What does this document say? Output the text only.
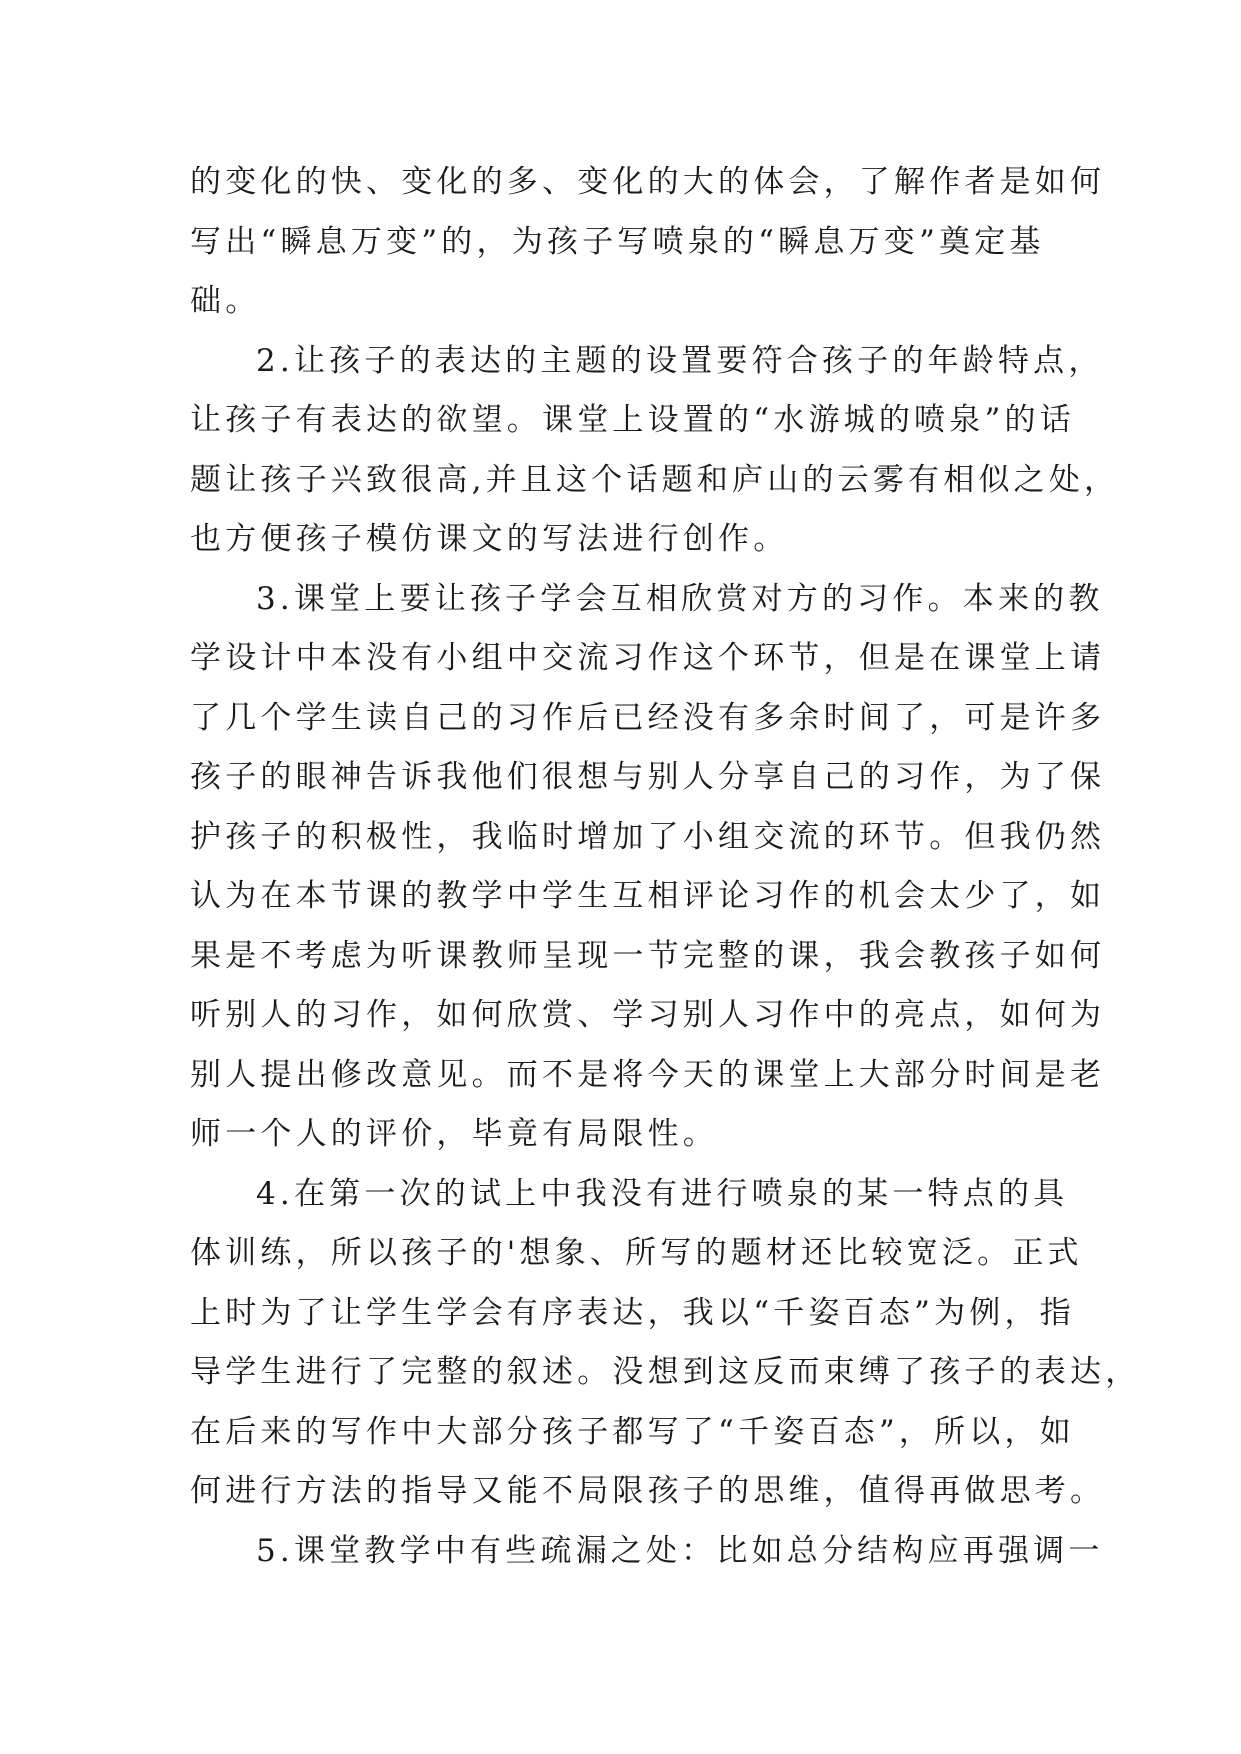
的变化的快、变化的多、变化的大的体会，了解作者是如何
写出“瞬息万变”的，为孩子写喷泉的“瞬息万变”奠定基
础。
2.让孩子的表达的主题的设置要符合孩子的年龄特点，
让孩子有表达的欲望。课堂上设置的“水游城的喷泉”的话
题让孩子兴致很高,并且这个话题和庐山的云雾有相似之处，
也方便孩子模仿课文的写法进行创作。
3.课堂上要让孩子学会互相欣赏对方的习作。本来的教
学设计中本没有小组中交流习作这个环节，但是在课堂上请
了几个学生读自己的习作后已经没有多余时间了，可是许多
孩子的眼神告诉我他们很想与别人分享自己的习作，为了保
护孩子的积极性，我临时增加了小组交流的环节。但我仍然
认为在本节课的教学中学生互相评论习作的机会太少了，如
果是不考虑为听课教师呈现一节完整的课，我会教孩子如何
听别人的习作，如何欣赏、学习别人习作中的亮点，如何为
别人提出修改意见。而不是将今天的课堂上大部分时间是老
师一个人的评价，毕竟有局限性。
4.在第一次的试上中我没有进行喷泉的某一特点的具
体训练，所以孩子的'想象、所写的题材还比较宽泛。正式
上时为了让学生学会有序表达，我以“千姿百态”为例，指
导学生进行了完整的叙述。没想到这反而束缚了孩子的表达，
在后来的写作中大部分孩子都写了“千姿百态”，所以，如
何进行方法的指导又能不局限孩子的思维，值得再做思考。
5.课堂教学中有些疏漏之处：比如总分结构应再强调一
